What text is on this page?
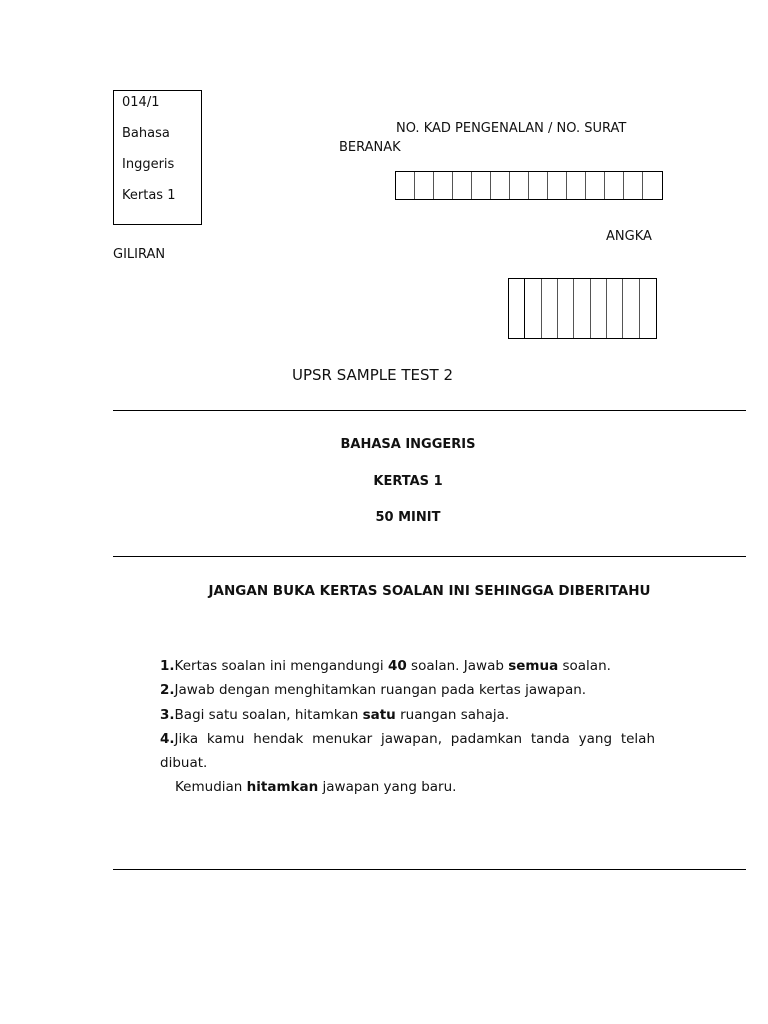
014/1
Bahasa
Inggeris
Kertas 1
NO. KAD PENGENALAN / NO. SURAT
BERANAK
ANGKA
GILIRAN
UPSR SAMPLE TEST 2
BAHASA INGGERIS
KERTAS 1
50 MINIT
JANGAN BUKA KERTAS SOALAN INI SEHINGGA DIBERITAHU

1.Kertas soalan ini mengandungi 40 soalan. Jawab semua soalan.

2.Jawab dengan menghitamkan ruangan pada kertas jawapan.

3.Bagi satu soalan, hitamkan satu ruangan sahaja.

4.Jika kamu hendak menukar jawapan, padamkan tanda yang telah dibuat.

Kemudian hitamkan jawapan yang baru.
